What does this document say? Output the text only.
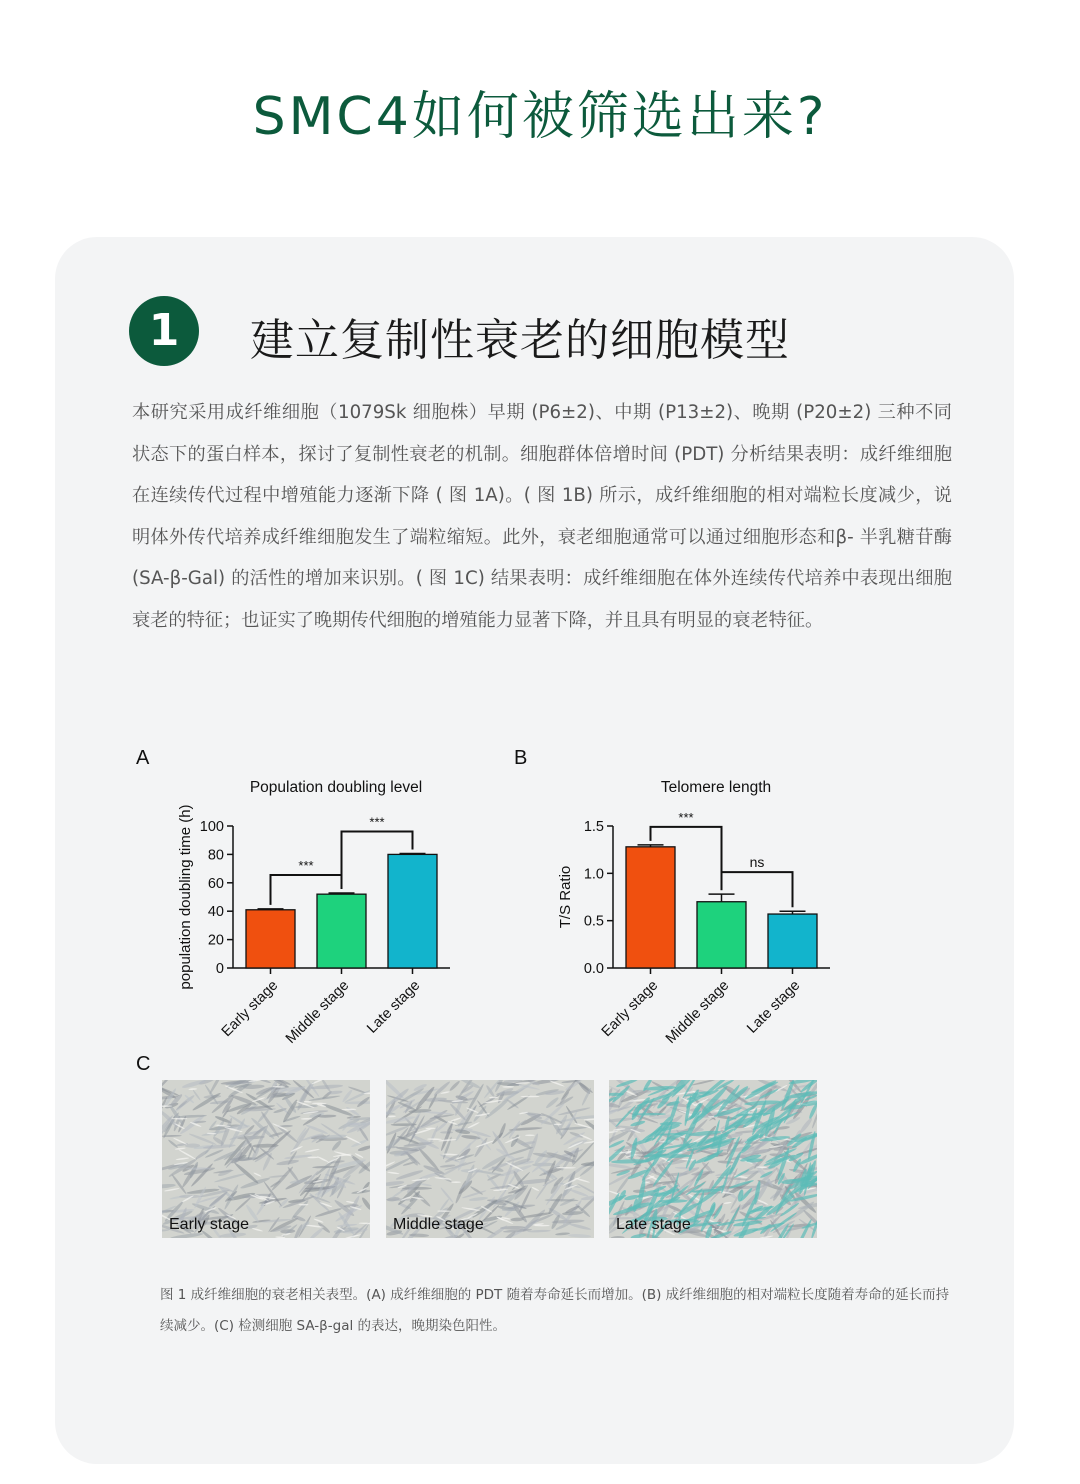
SMC4如何被筛选出来?
1	建立复制性衰老的细胞模型

本研究采用成纤维细胞（1079Sk 细胞株）早期 (P6±2)、中期 (P13±2)、晚期 (P20±2) 三种不同状态下的蛋白样本，探讨了复制性衰老的机制。细胞群体倍增时间 (PDT) 分析结果表明：成纤维细胞在连续传代过程中增殖能力逐渐下降 ( 图 1A)。( 图 1B) 所示，成纤维细胞的相对端粒长度减少，说明体外传代培养成纤维细胞发生了端粒缩短。此外，衰老细胞通常可以通过细胞形态和β- 半乳糖苷酶 (SA-β-Gal) 的活性的增加来识别。( 图 1C) 结果表明：成纤维细胞在体外连续传代培养中表现出细胞衰老的特征；也证实了晚期传代细胞的增殖能力显著下降，并且具有明显的衰老特征。

A	B
C
Population doubling level
population doubling time (h) 0
20
40
60
80
100
Early stage Middle stage Late stage
***
***
Telomere length
T/S Ratio
0.0
0.5
1.0
1.5
Early stage Middle stage Late stage
***
ns
Early stage	Middle stage	Late stage

图 1 成纤维细胞的衰老相关表型。(A) 成纤维细胞的 PDT 随着寿命延长而增加。(B) 成纤维细胞的相对端粒长度随着寿命的延长而持续减少。(C) 检测细胞 SA-β-gal 的表达，晚期染色阳性。
